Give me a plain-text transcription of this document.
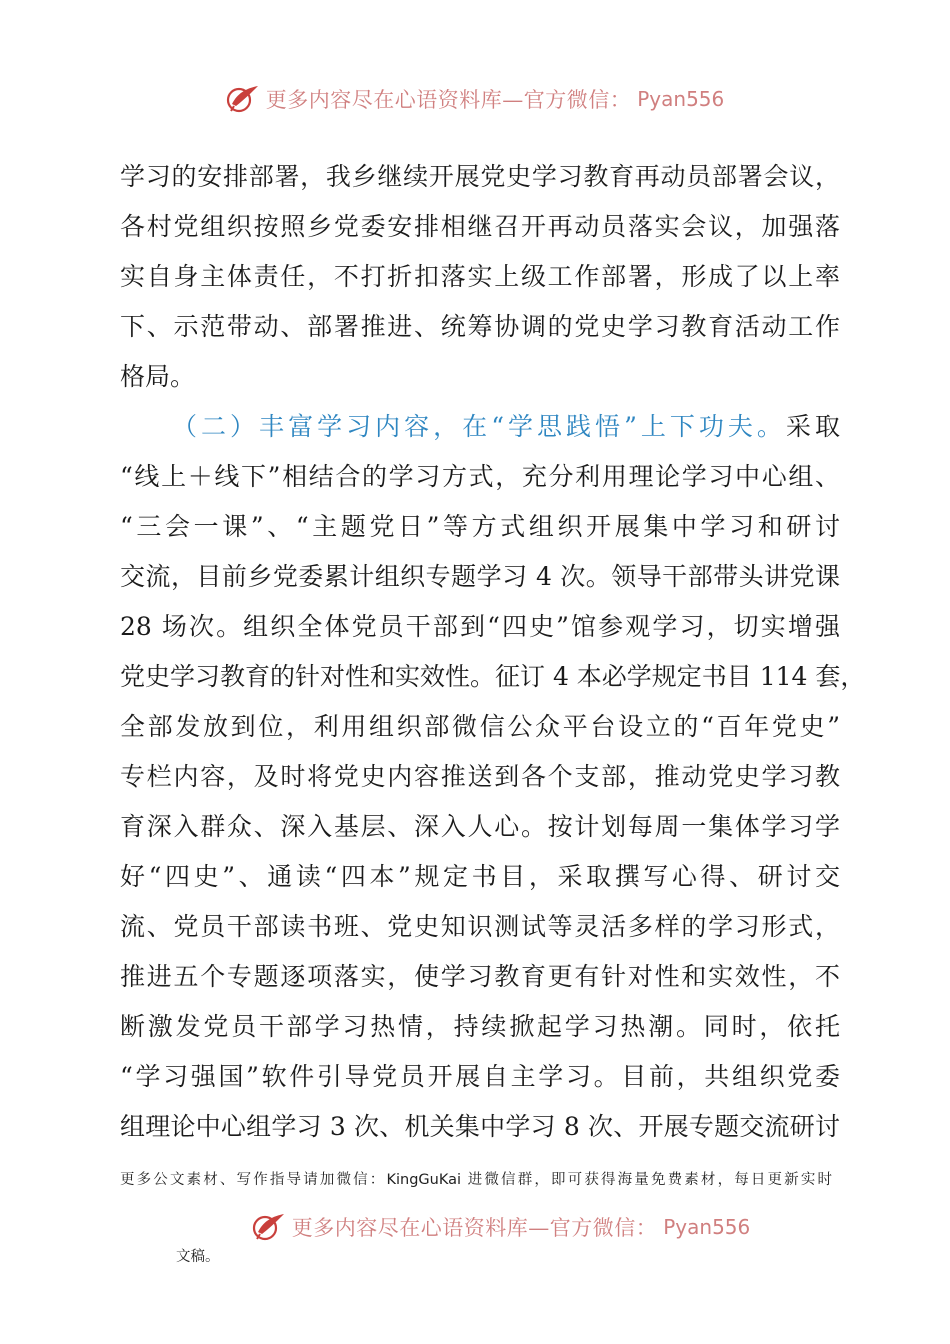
更多内容尽在心语资料库—官方微信： Pyan556
学习的安排部署，我乡继续开展党史学习教育再动员部署会议，
各村党组织按照乡党委安排相继召开再动员落实会议，加强落
实自身主体责任，不打折扣落实上级工作部署，形成了以上率
下、示范带动、部署推进、统筹协调的党史学习教育活动工作
格局。
（二）丰富学习内容，在“学思践悟”上下功夫。采取
“线上＋线下”相结合的学习方式，充分利用理论学习中心组、
“三会一课”、“主题党日”等方式组织开展集中学习和研讨
交流，目前乡党委累计组织专题学习 4 次。领导干部带头讲党课
28 场次。组织全体党员干部到“四史”馆参观学习，切实增强
党史学习教育的针对性和实效性。征订 4 本必学规定书目 114 套，
全部发放到位，利用组织部微信公众平台设立的“百年党史”
专栏内容，及时将党史内容推送到各个支部，推动党史学习教
育深入群众、深入基层、深入人心。按计划每周一集体学习学
好“四史”、通读“四本”规定书目，采取撰写心得、研讨交
流、党员干部读书班、党史知识测试等灵活多样的学习形式，
推进五个专题逐项落实，使学习教育更有针对性和实效性，不
断激发党员干部学习热情，持续掀起学习热潮。同时，依托
“学习强国”软件引导党员开展自主学习。目前，共组织党委
组理论中心组学习 3 次、机关集中学习 8 次、开展专题交流研讨
更多公文素材、写作指导请加微信：KingGuKai 进微信群，即可获得海量免费素材，每日更新实时
更多内容尽在心语资料库—官方微信： Pyan556
文稿。
